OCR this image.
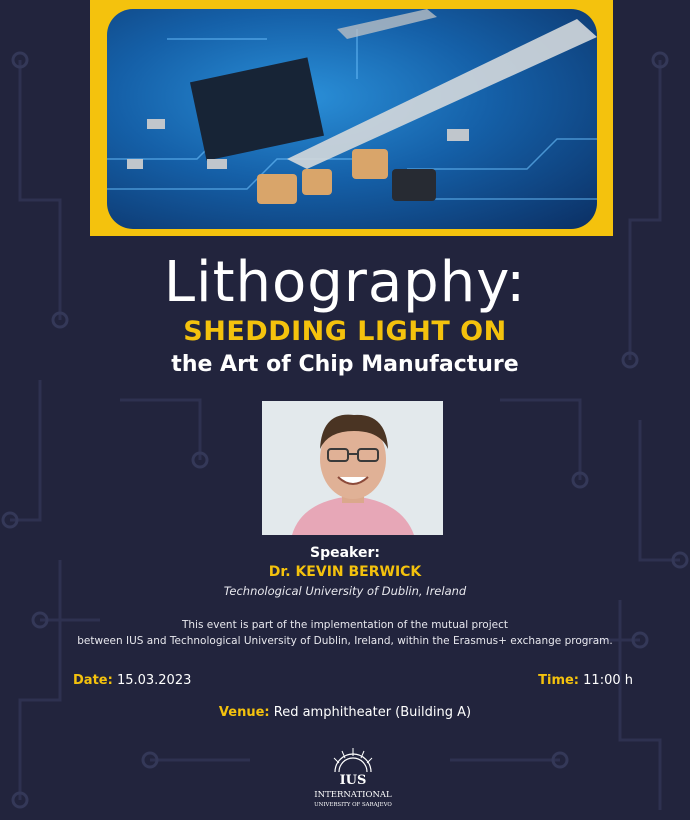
Lithography:
SHEDDING LIGHT ON
the Art of Chip Manufacture
Speaker:
Dr. KEVIN BERWICK
Technological University of Dublin, Ireland
This event is part of the implementation of the mutual project
between IUS and Technological University of Dublin, Ireland, within the Erasmus+ exchange program.
Date: 15.03.2023	Time: 11:00 h
Venue: Red amphitheater (Building A)
IUS
INTERNATIONAL
UNIVERSITY OF SARAJEVO
